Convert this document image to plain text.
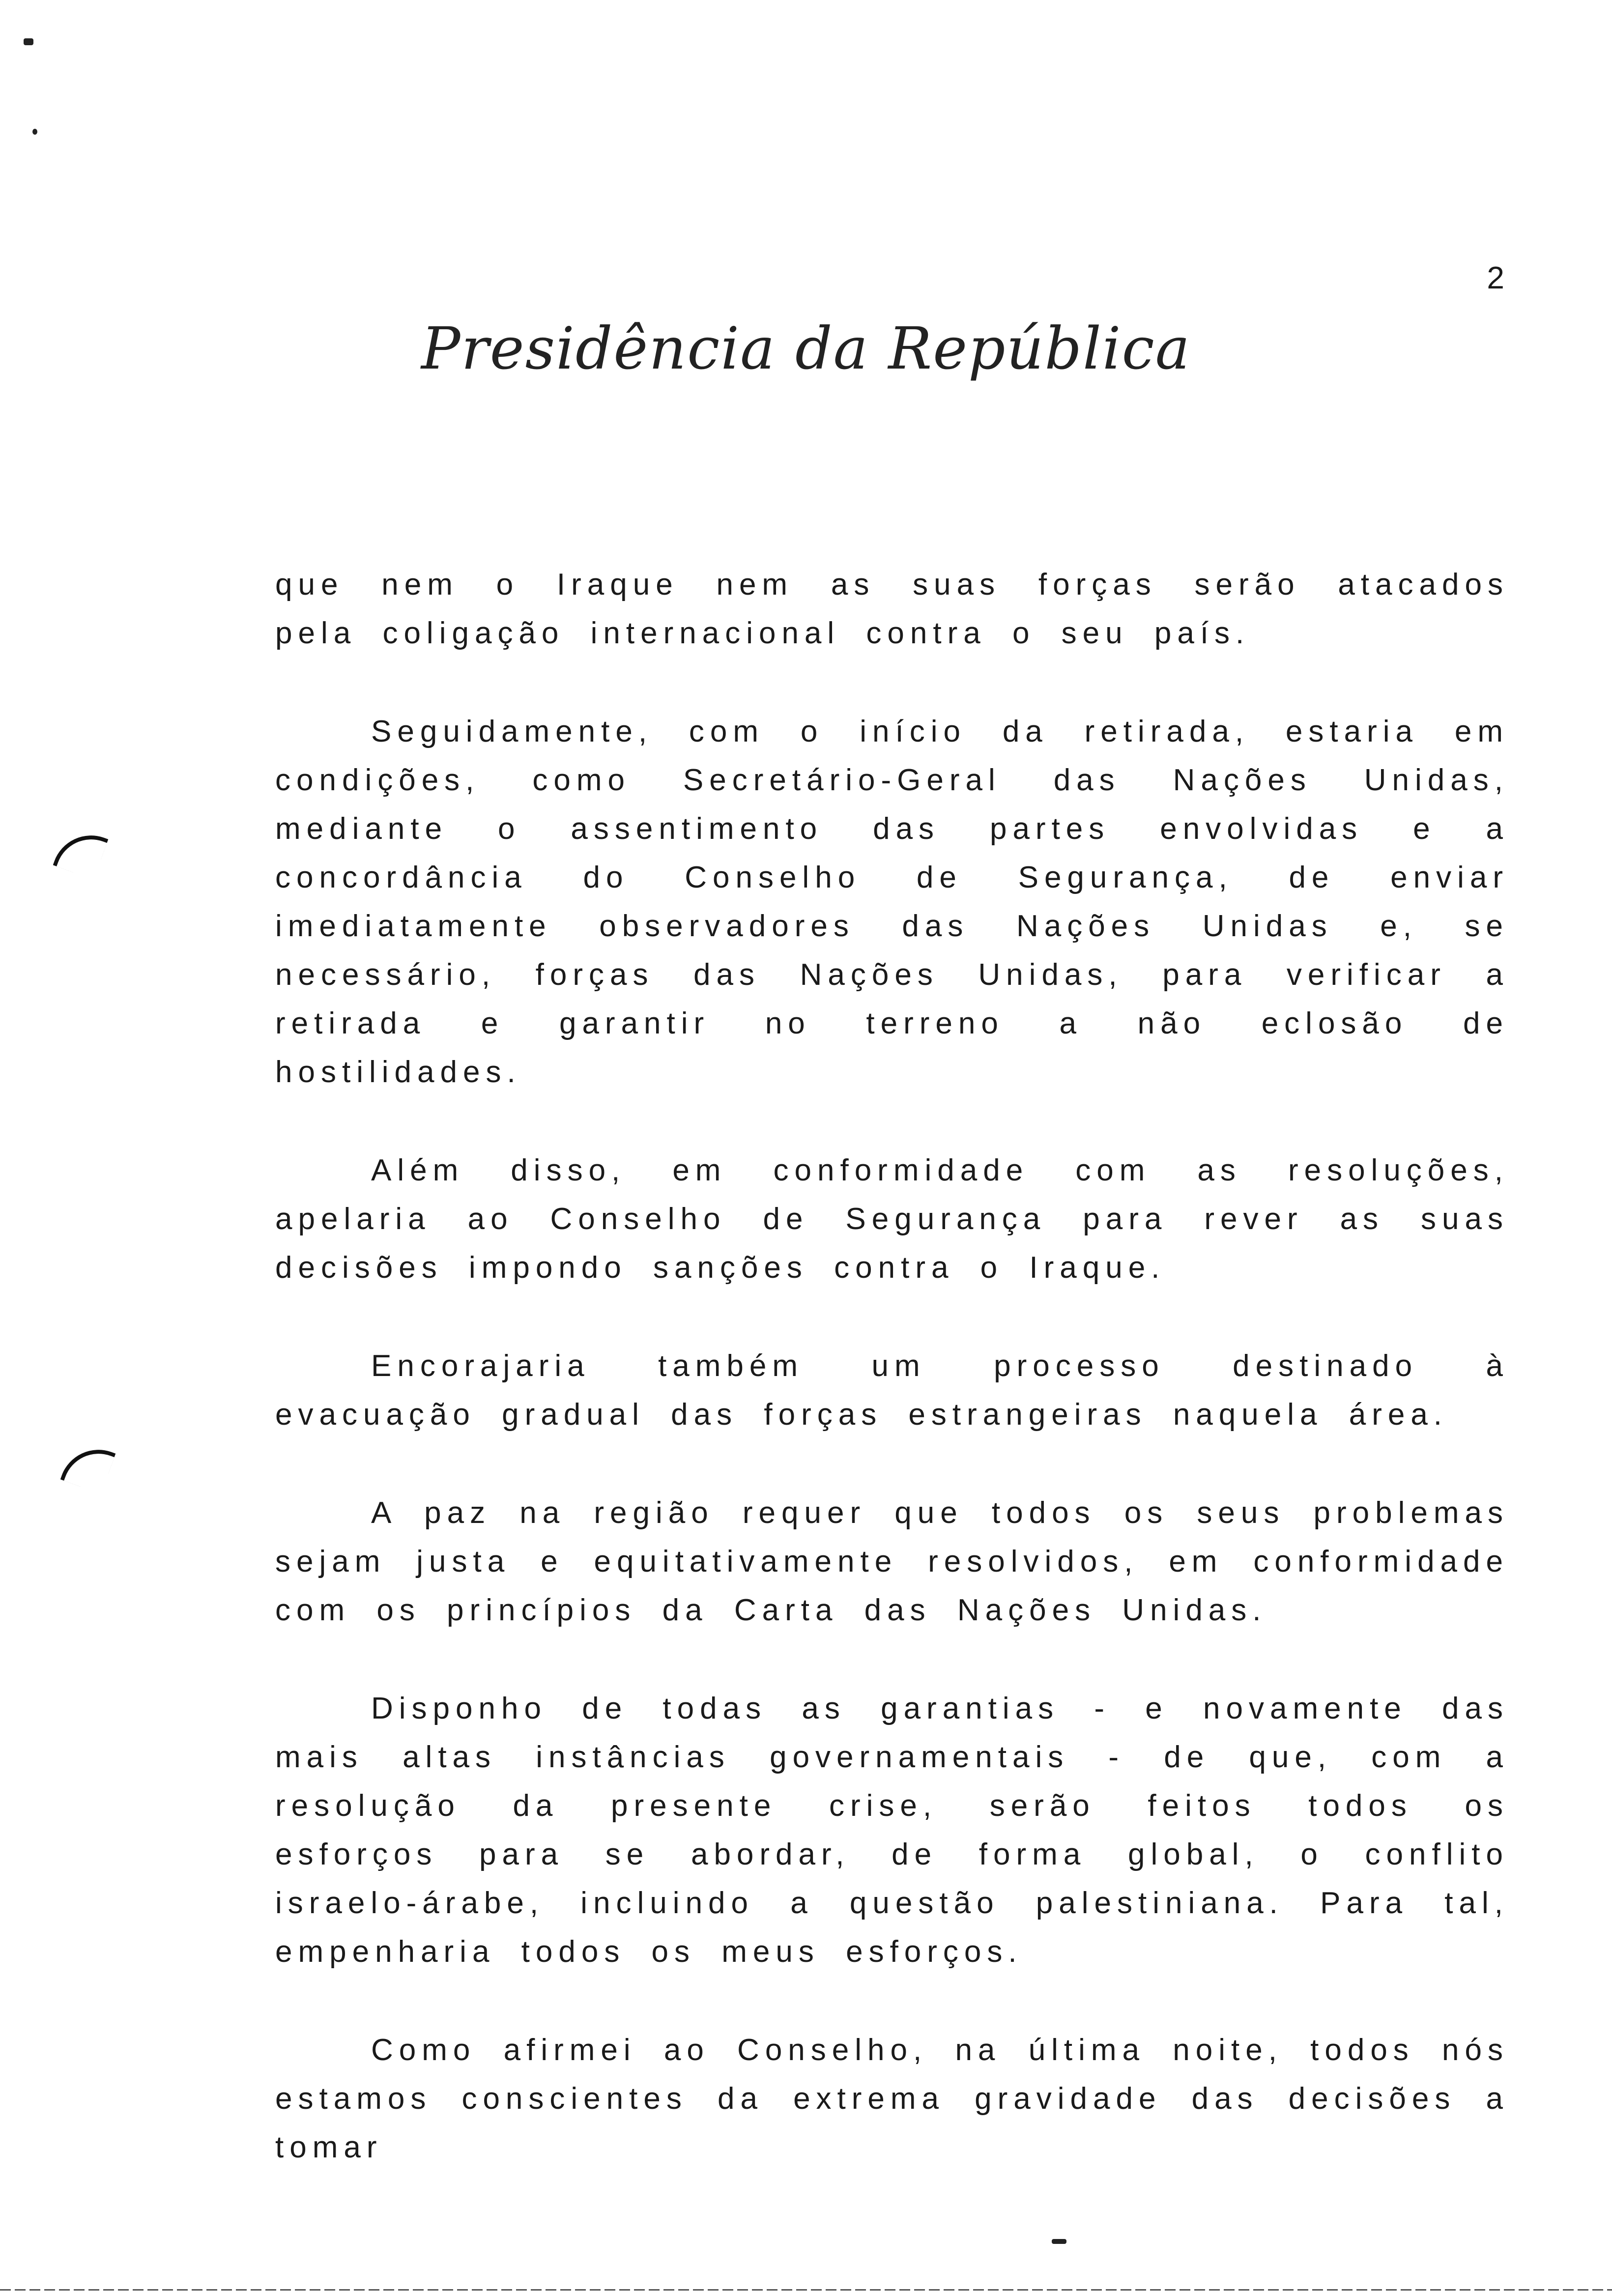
2
Presidência da República

que nem o Iraque nem as suas forças serão atacados pela coligação internacional contra o seu país.

Seguidamente, com o início da retirada, estaria em condições, como Secretário-Geral das Nações Unidas, mediante o assentimento das partes envolvidas e a concordância do Conselho de Segurança, de enviar imediatamente observadores das Nações Unidas e, se necessário, forças das Nações Unidas, para verificar a retirada e garantir no terreno a não eclosão de hostilidades.

Além disso, em conformidade com as resoluções, apelaria ao Conselho de Segurança para rever as suas decisões impondo sanções contra o Iraque.

Encorajaria também um processo destinado à evacuação gradual das forças estrangeiras naquela área.

A paz na região requer que todos os seus problemas sejam justa e equitativamente resolvidos, em conformidade com os princípios da Carta das Nações Unidas.

Disponho de todas as garantias - e novamente das mais altas instâncias governamentais - de que, com a resolução da presente crise, serão feitos todos os esforços para se abordar, de forma global, o conflito israelo-árabe, incluindo a questão palestiniana. Para tal, empenharia todos os meus esforços.

Como afirmei ao Conselho, na última noite, todos nós estamos conscientes da extrema gravidade das decisões a tomar
